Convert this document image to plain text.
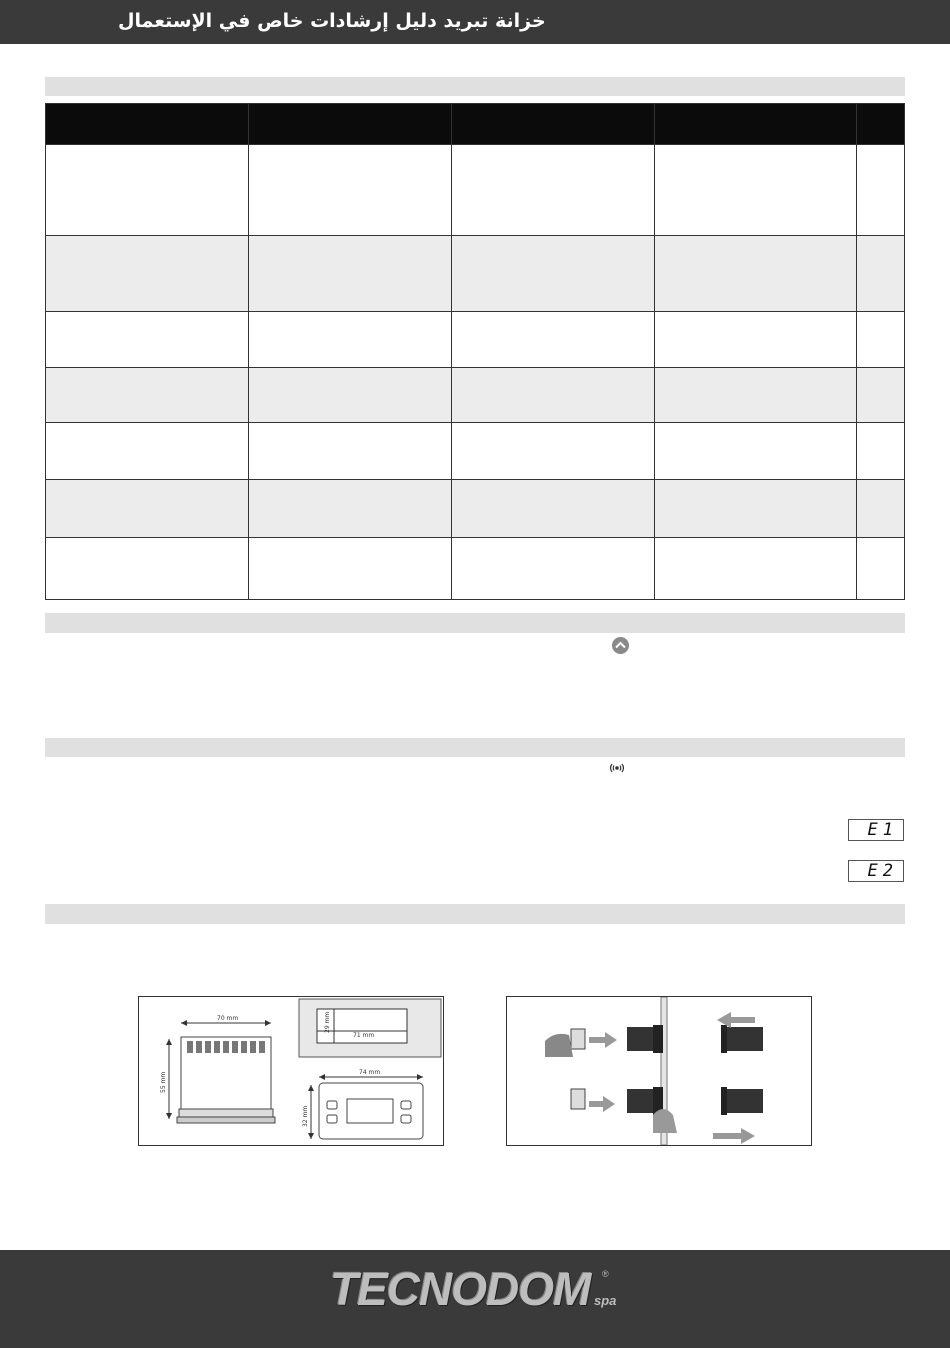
خزانة تبريد دليل إرشادات خاص في الإستعمال
E1
E2
70 mm
55 mm
71 mm
29 mm
74 mm
32 mm
TECNODOM ®
spa
